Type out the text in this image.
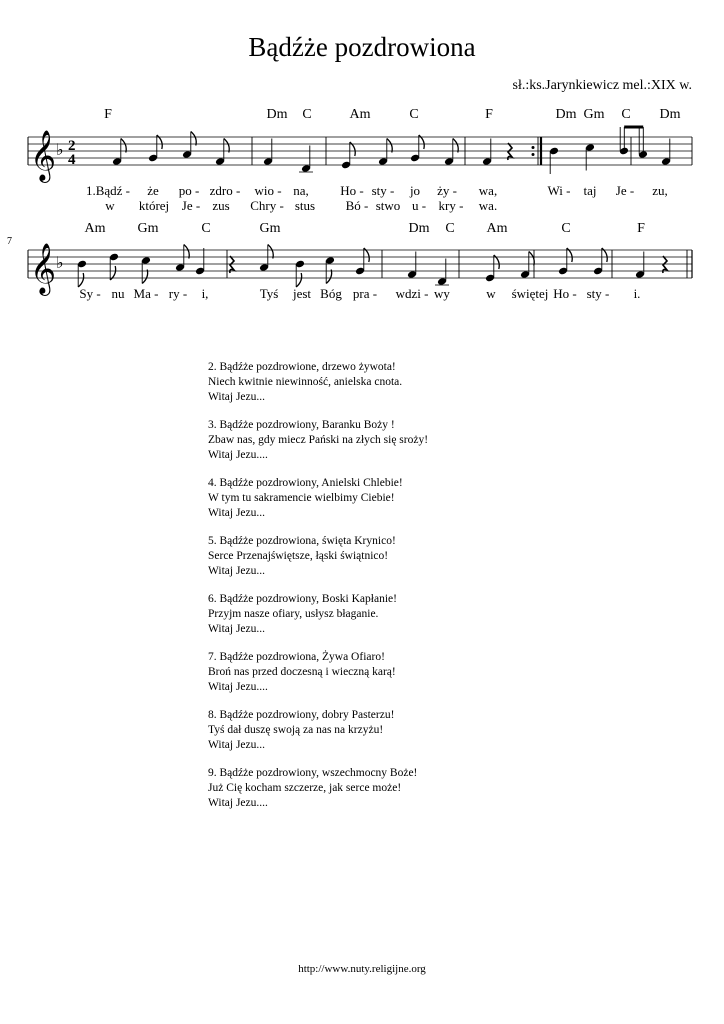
Bądźże pozdrowiona
sł.:ks.Jarynkiewicz mel.:XIX w.
𝄞 ♭ 2
4
𝄞 ♭
F	Dm C	Am	C	F	Dm Gm C Dm
Am Gm	C	Gm	Dm C Am	C	F
1.Bądź - że po - zdro - wio - na, Ho - sty - jo ży - wa,	Wi - taj Je - zu,
w której Je - zus Chry - stus Bó - stwo u - kry - wa.
Sy - nu Ma - ry - i,	Tyś jest Bóg pra - wdzi - wy	w świętej Ho - sty - i.
7
2. Bądźże pozdrowione, drzewo żywota!
Niech kwitnie niewinność, anielska cnota.
Witaj Jezu...
3. Bądźże pozdrowiony, Baranku Boży !
Zbaw nas, gdy miecz Pański na złych się sroży!
Witaj Jezu....
4. Bądźże pozdrowiony, Anielski Chlebie!
W tym tu sakramencie wielbimy Ciebie!
Witaj Jezu...
5. Bądźże pozdrowiona, święta Krynico!
Serce Przenajświętsze, łąski świątnico!
Witaj Jezu...
6. Bądźże pozdrowiony, Boski Kapłanie!
Przyjm nasze ofiary, usłysz błaganie.
Witaj Jezu...
7. Bądźże pozdrowiona, Żywa Ofiaro!
Broń nas przed doczesną i wieczną karą!
Witaj Jezu....
8. Bądźże pozdrowiony, dobry Pasterzu!
Tyś dał duszę swoją za nas na krzyżu!
Witaj Jezu...
9. Bądźże pozdrowiony, wszechmocny Boże!
Już Cię kocham szczerze, jak serce może!
Witaj Jezu....
http://www.nuty.religijne.org
